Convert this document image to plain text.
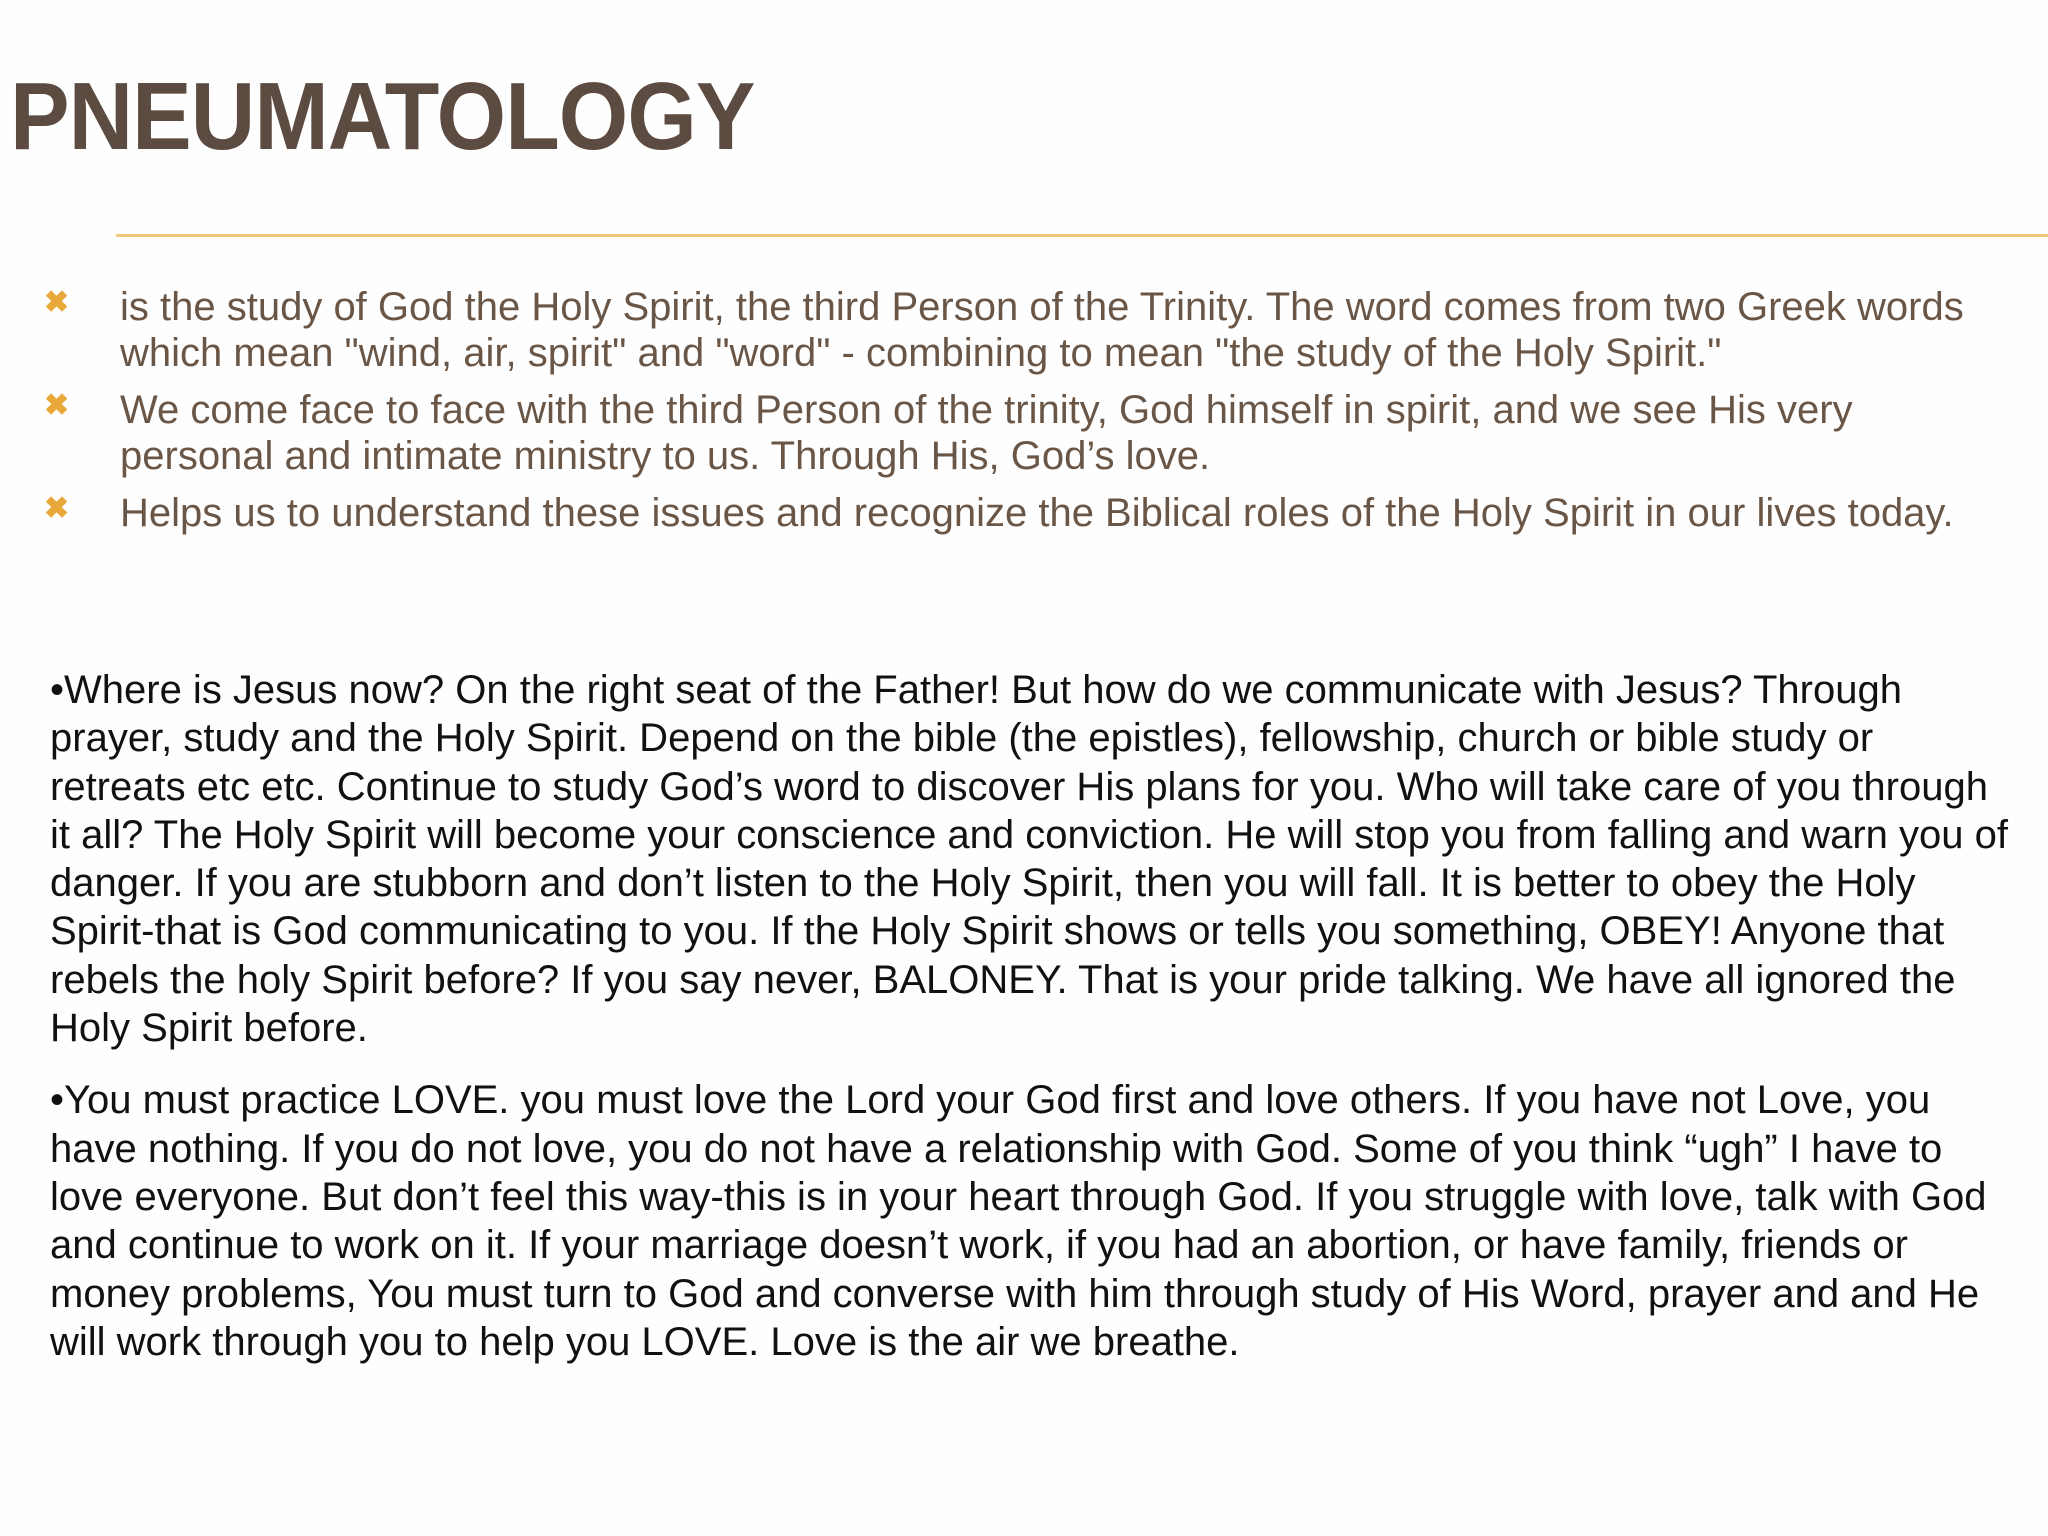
PNEUMATOLOGY
✖ is the study of God the Holy Spirit, the third Person of the Trinity. The word comes from two Greek words which mean "wind, air, spirit" and "word" - combining to mean "the study of the Holy Spirit."
✖ We come face to face with the third Person of the trinity, God himself in spirit, and we see His very personal and intimate ministry to us. Through His, God’s love.
✖ Helps us to understand these issues and recognize the Biblical roles of the Holy Spirit in our lives today.

•Where is Jesus now? On the right seat of the Father! But how do we communicate with Jesus? Through prayer, study and the Holy Spirit. Depend on the bible (the epistles), fellowship, church or bible study or retreats etc etc. Continue to study God’s word to discover His plans for you. Who will take care of you through it all? The Holy Spirit will become your conscience and conviction. He will stop you from falling and warn you of danger. If you are stubborn and don’t listen to the Holy Spirit, then you will fall. It is better to obey the Holy Spirit-that is God communicating to you. If the Holy Spirit shows or tells you something, OBEY! Anyone that rebels the holy Spirit before? If you say never, BALONEY. That is your pride talking. We have all ignored the Holy Spirit before.

•You must practice LOVE. you must love the Lord your God first and love others. If you have not Love, you have nothing. If you do not love, you do not have a relationship with God. Some of you think “ugh” I have to love everyone. But don’t feel this way-this is in your heart through God. If you struggle with love, talk with God and continue to work on it. If your marriage doesn’t work, if you had an abortion, or have family, friends or money problems, You must turn to God and converse with him through study of His Word, prayer and and He will work through you to help you LOVE. Love is the air we breathe.
